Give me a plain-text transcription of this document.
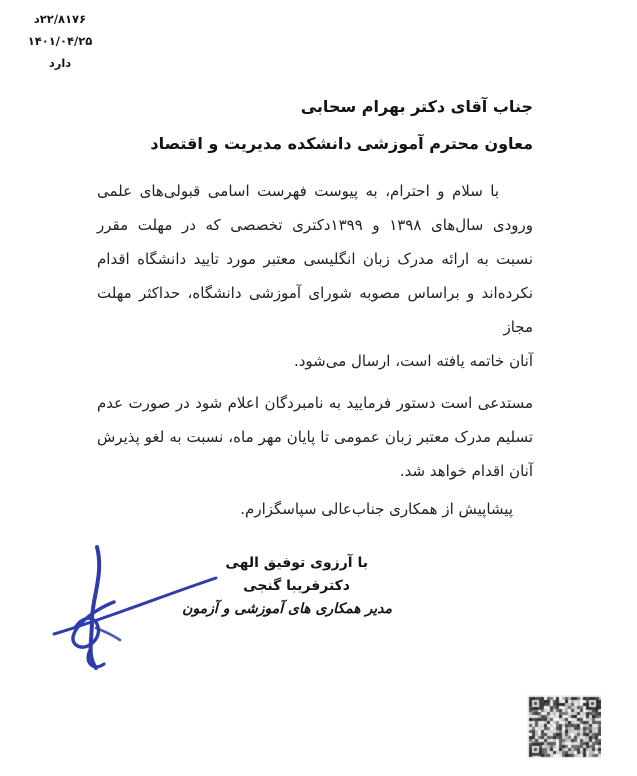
۲۲/۸۱۷۶د
۱۴۰۱/۰۴/۲۵
دارد
جناب آقای دکتر بهرام سحابی
معاون محترم آموزشی دانشکده مدیریت و اقتصاد
با سلام و احترام، به پیوست فهرست اسامی قبولی‌های علمی
ورودی سال‌های ۱۳۹۸ و ۱۳۹۹دکتری تخصصی که در مهلت مقرر
نسبت به ارائه مدرک زبان انگلیسی معتبر مورد تایید دانشگاه اقدام
نکرده‌اند و براساس مصوبه شورای آموزشی دانشگاه، حداکثر مهلت مجاز
آنان خاتمه یافته است، ارسال می‌شود.
مستدعی است دستور فرمایید به نامبردگان اعلام شود در صورت عدم
تسلیم مدرک معتبر زبان عمومی تا پایان مهر ماه، نسبت به لغو پذیرش
آنان اقدام خواهد شد.
پیشاپیش از همکاری جناب‌عالی سپاسگزارم.
با آرزوی توفیق الهی
دکترفریبا گنجی
مدیر همکاری های آموزشی و آزمون
